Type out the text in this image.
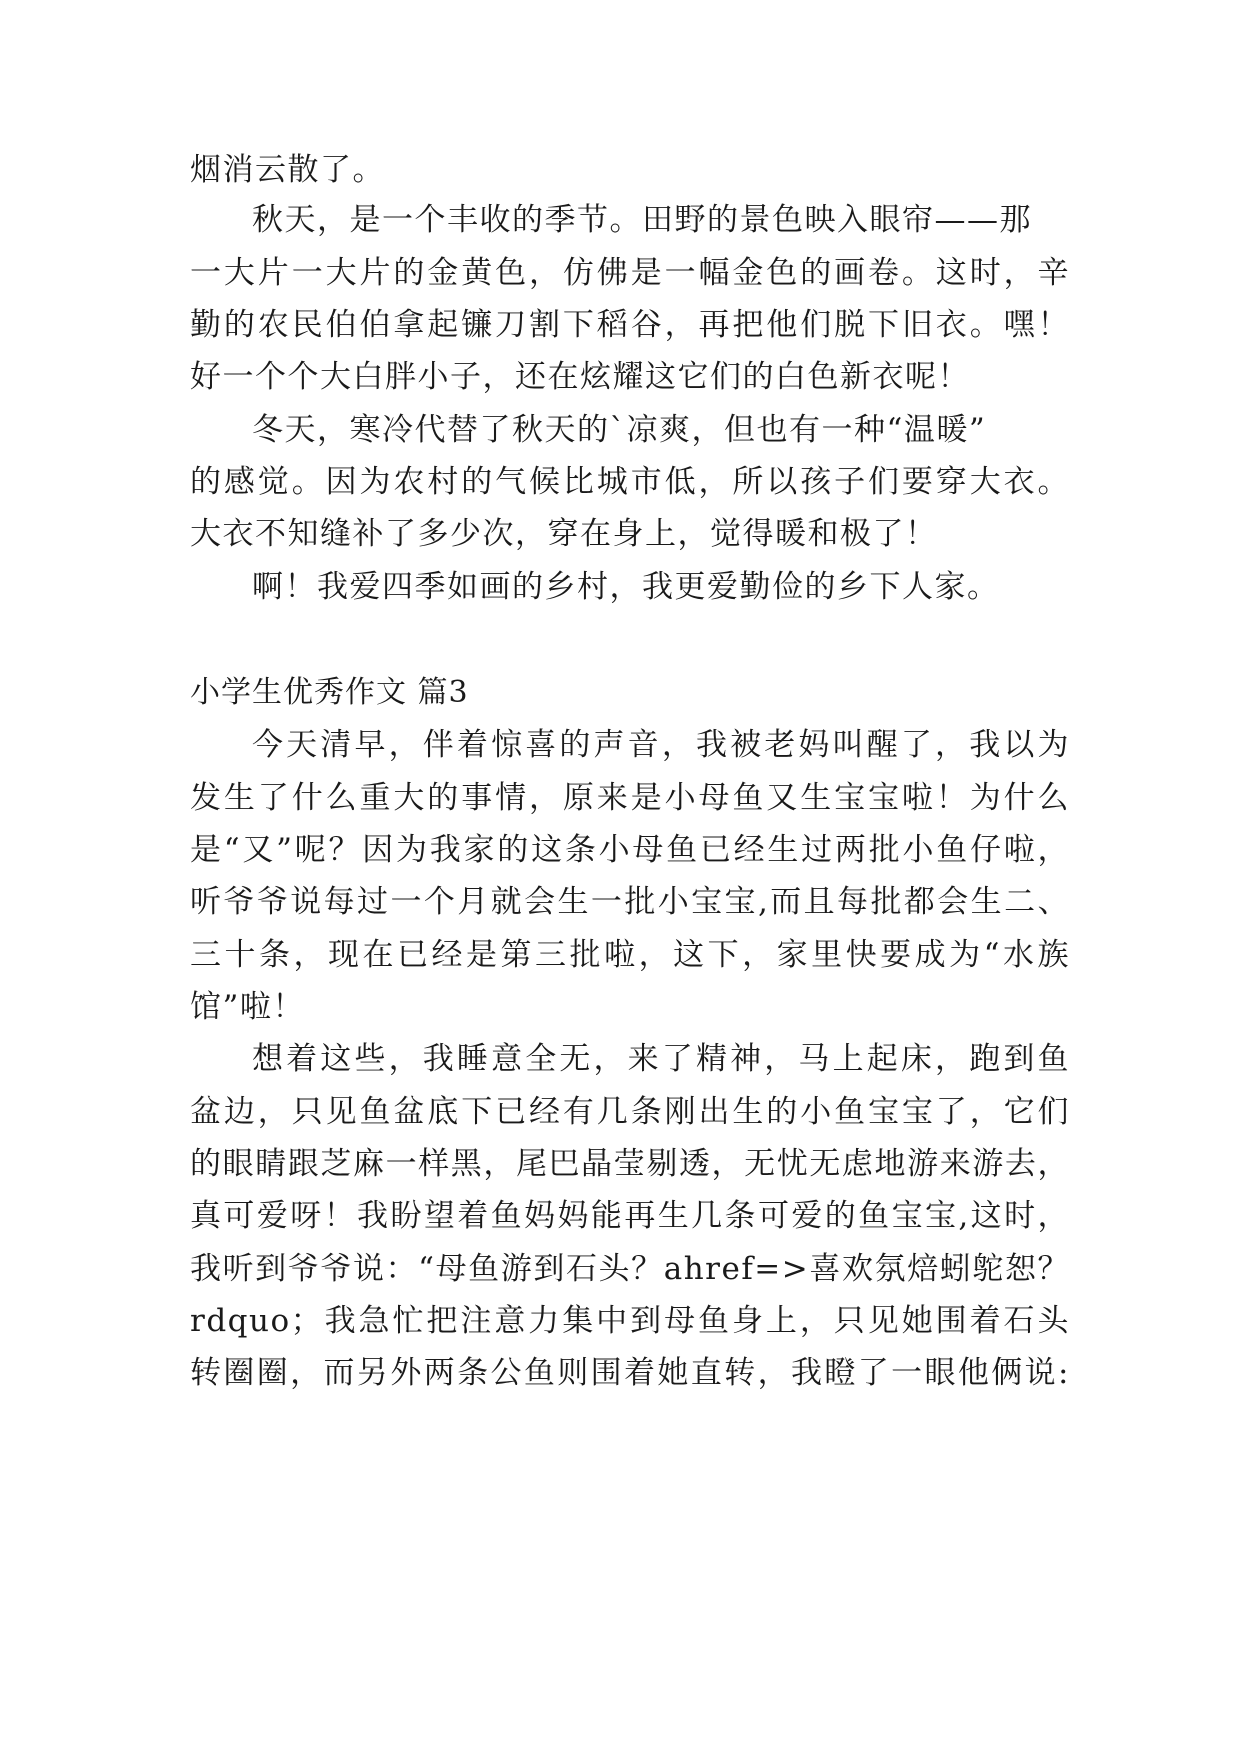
烟消云散了。
秋天，是一个丰收的季节。田野的景色映入眼帘——那
一大片一大片的金黄色，仿佛是一幅金色的画卷。这时，辛
勤的农民伯伯拿起镰刀割下稻谷，再把他们脱下旧衣。嘿！
好一个个大白胖小子，还在炫耀这它们的白色新衣呢！
冬天，寒冷代替了秋天的`凉爽，但也有一种“温暖”
的感觉。因为农村的气候比城市低，所以孩子们要穿大衣。
大衣不知缝补了多少次，穿在身上，觉得暖和极了！
啊！我爱四季如画的乡村，我更爱勤俭的乡下人家。
小学生优秀作文 篇3
今天清早，伴着惊喜的声音，我被老妈叫醒了，我以为
发生了什么重大的事情，原来是小母鱼又生宝宝啦！为什么
是“又”呢？因为我家的这条小母鱼已经生过两批小鱼仔啦，
听爷爷说每过一个月就会生一批小宝宝,而且每批都会生二、
三十条，现在已经是第三批啦，这下，家里快要成为“水族
馆”啦！
想着这些，我睡意全无，来了精神，马上起床，跑到鱼
盆边，只见鱼盆底下已经有几条刚出生的小鱼宝宝了，它们
的眼睛跟芝麻一样黑，尾巴晶莹剔透，无忧无虑地游来游去，
真可爱呀！我盼望着鱼妈妈能再生几条可爱的鱼宝宝,这时，
我听到爷爷说：“母鱼游到石头？ahref=>喜欢氛焙蚓鸵恕？
rdquo；我急忙把注意力集中到母鱼身上，只见她围着石头
转圈圈，而另外两条公鱼则围着她直转，我瞪了一眼他俩说:
